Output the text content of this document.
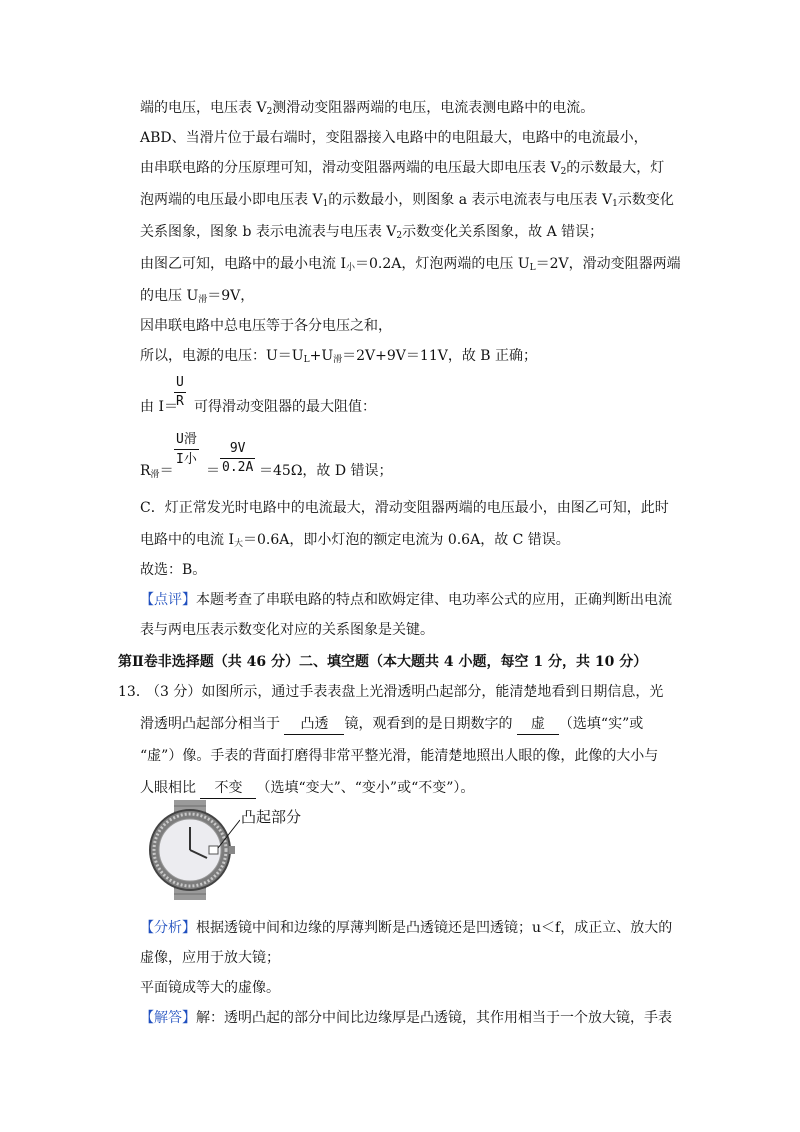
端的电压，电压表 $V_2$测滑动变阻器两端的电压，电流表测电路中的电流。
ABD、当滑片位于最右端时，变阻器接入电路中的电阻最大，电路中的电流最小，
由串联电路的分压原理可知，滑动变阻器两端的电压最大即电压表 $V_2$的示数最大，灯
泡两端的电压最小即电压表 $V_1$的示数最小，则图象 a 表示电流表与电压表 $V_1$示数变化
关系图象，图象 b 表示电流表与电压表 $V_2$示数变化关系图象，故 A 错误；
由图乙可知，电路中的最小电流 $I_小=0.2A$，灯泡两端的电压 $U_L=2V$，滑动变阻器两端
的电压 $U_滑=9V$，
因串联电路中总电压等于各分电压之和，
所以，电源的电压：$U=U_L+U_滑=2V+9V=11V$，故 B 正确；
由 I＝ 可得滑动变阻器的最大阻值：
$\frac{U}{R}$
$R_滑=$
U滑
I小
＝ $\frac{9V}{0.2A} =45\Omega$，故 D 错误；
C．灯正常发光时电路中的电流最大，滑动变阻器两端的电压最小，由图乙可知，此时
电路中的电流 $I_大=0.6A$，即小灯泡的额定电流为 0.6A，故 C 错误。
故选：B。
【点评】本题考查了串联电路的特点和欧姆定律、电功率公式的应用，正确判断出电流
表与两电压表示数变化对应的关系图象是关键。
第Ⅱ卷非选择题（共 46 分）二、填空题（本大题共 4 小题，每空 1 分，共 10 分）
13．
（3 分）如图所示，通过手表表盘上光滑透明凸起部分，能清楚地看到日期信息，光
滑透明凸起部分相当于 凸透 镜，观看到的是日期数字的 虚 （选填“实”或
“虚”）像。手表的背面打磨得非常平整光滑，能清楚地照出人眼的像，此像的大小与
人眼相比 不变 （选填“变大”、“变小”或“不变”）。
凸起部分
【分析】根据透镜中间和边缘的厚薄判断是凸透镜还是凹透镜；u＜f，成正立、放大的
虚像，应用于放大镜；
平面镜成等大的虚像。
【解答】解：透明凸起的部分中间比边缘厚是凸透镜，其作用相当于一个放大镜，手表
